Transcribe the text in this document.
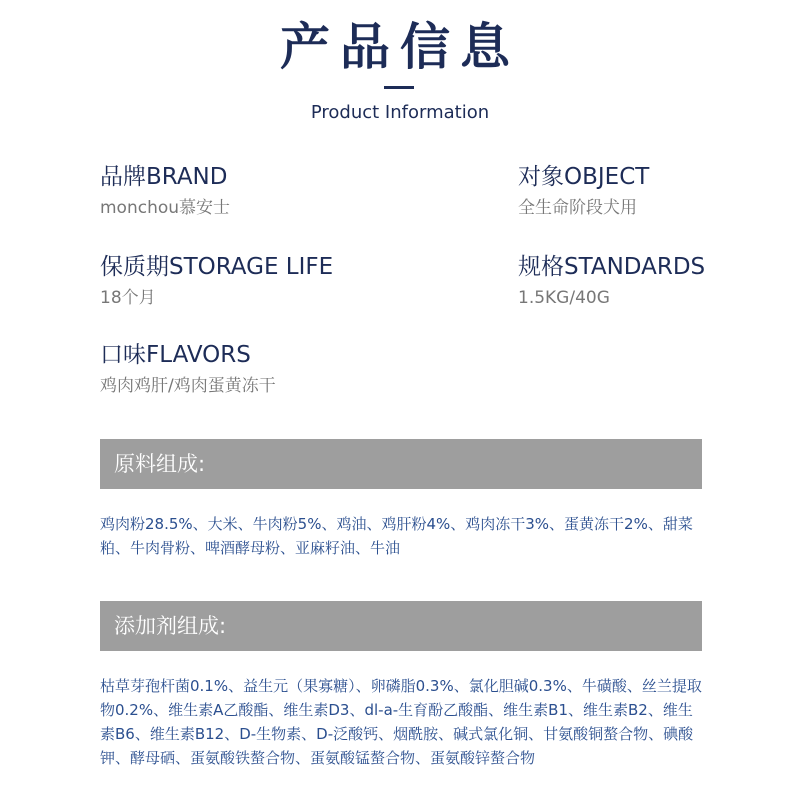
产品信息
Product Information
品牌BRAND
monchou慕安士
对象OBJECT
全生命阶段犬用
保质期STORAGE LIFE
18个月
规格STANDARDS
1.5KG/40G
口味FLAVORS
鸡肉鸡肝/鸡肉蛋黄冻干
原料组成:
鸡肉粉28.5%、大米、牛肉粉5%、鸡油、鸡肝粉4%、鸡肉冻干3%、蛋黄冻干2%、甜菜粕、牛肉骨粉、啤酒酵母粉、亚麻籽油、牛油
添加剂组成:
枯草芽孢杆菌0.1%、益生元（果寡糖）、卵磷脂0.3%、氯化胆碱0.3%、牛磺酸、丝兰提取物0.2%、维生素A乙酸酯、维生素D3、dl-a-生育酚乙酸酯、维生素B1、维生素B2、维生素B6、维生素B12、D-生物素、D-泛酸钙、烟酰胺、碱式氯化铜、甘氨酸铜螯合物、碘酸钾、酵母硒、蛋氨酸铁螯合物、蛋氨酸锰螯合物、蛋氨酸锌螯合物
